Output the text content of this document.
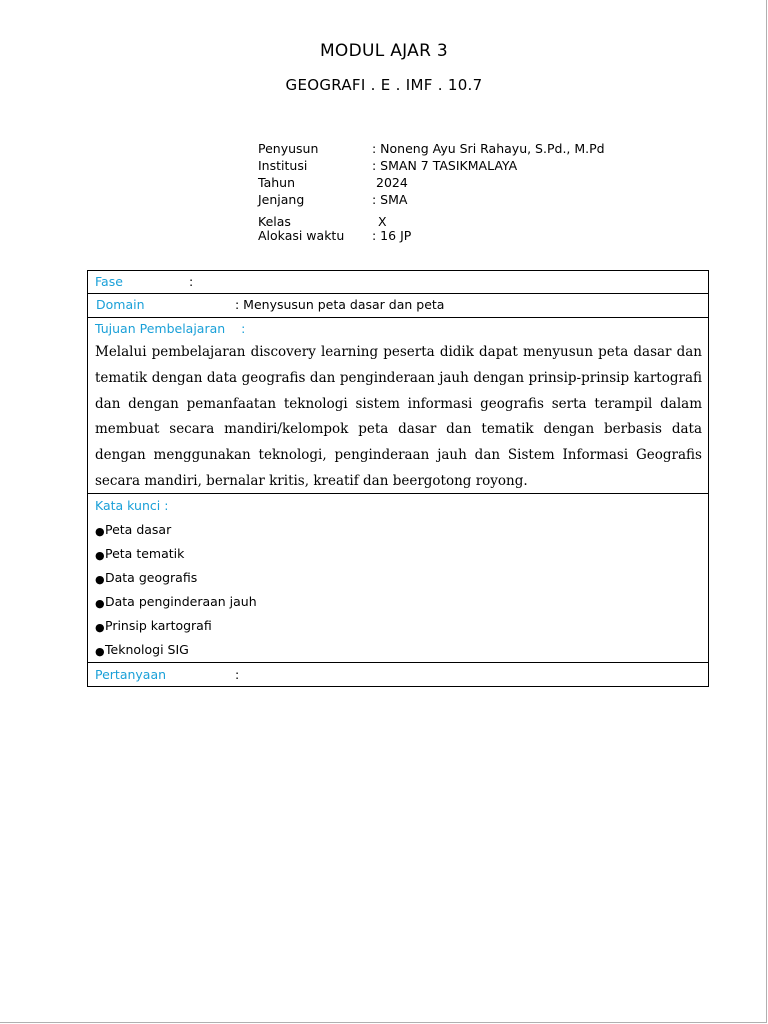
MODUL AJAR 3
GEOGRAFI . E . IMF . 10.7
Penyusun	: Noneng Ayu Sri Rahayu, S.Pd., M.Pd
Institusi	: SMAN 7 TASIKMALAYA
Tahun	2024
Jenjang	: SMA
Kelas	X
Alokasi waktu : 16 JP
Fase	:
Domain	: Menysusun peta dasar dan peta
Tujuan Pembelajaran    :
Melalui pembelajaran discovery learning peserta didik dapat menyusun peta dasar dan tematik dengan data geografis dan penginderaan jauh dengan prinsip-prinsip kartografi dan dengan pemanfaatan teknologi sistem informasi geografis serta terampil dalam membuat secara mandiri/kelompok peta dasar dan tematik dengan berbasis data dengan menggunakan teknologi, penginderaan jauh dan Sistem Informasi Geografis secara mandiri, bernalar kritis, kreatif dan beergotong royong.
Kata kunci :
● Peta dasar
● Peta tematik
● Data geografis
● Data penginderaan jauh
● Prinsip kartografi
● Teknologi SIG
Pertanyaan	:
